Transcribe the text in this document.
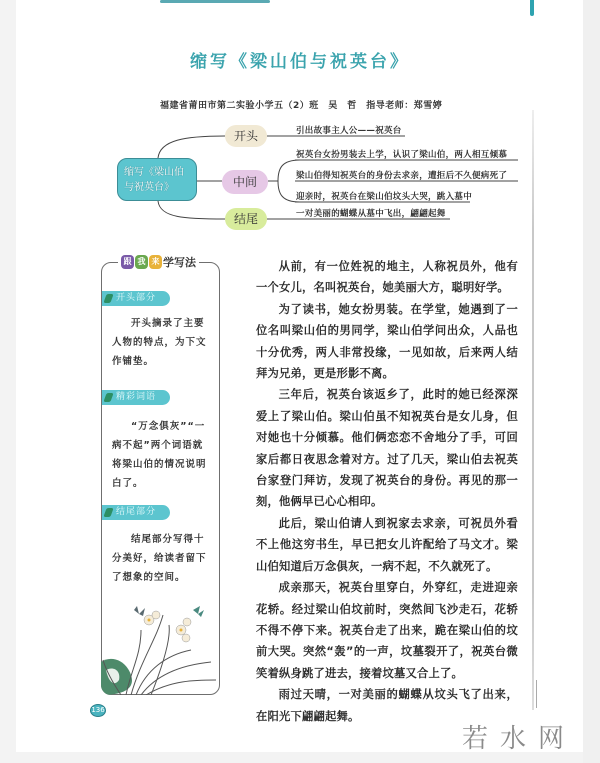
缩写《梁山伯与祝英台》
福建省莆田市第二实验小学五（2）班　吴　哲　指导老师：郑雪婷
缩写《梁山伯与祝英台》
开头
中间
结尾
引出故事主人公——祝英台
祝英台女扮男装去上学，认识了梁山伯，两人相互倾慕
梁山伯得知祝英台的身份去求亲，遭拒后不久便病死了
迎亲时，祝英台在梁山伯坟头大哭，跳入墓中
一对美丽的蝴蝶从墓中飞出，翩翩起舞
跟 我 来 学写法
开头部分
开头摘录了主要人物的特点，为下文作铺垫。
精彩词语
“万念俱灰”“一病不起”两个词语就将梁山伯的情况说明白了。
结尾部分
结尾部分写得十分美好，给读者留下了想象的空间。
136
若水网

从前，有一位姓祝的地主，人称祝员外，他有一个女儿，名叫祝英台，她美丽大方，聪明好学。

为了读书，她女扮男装。在学堂，她遇到了一位名叫梁山伯的男同学，梁山伯学问出众，人品也十分优秀，两人非常投缘，一见如故，后来两人结拜为兄弟，更是形影不离。

三年后，祝英台该返乡了，此时的她已经深深爱上了梁山伯。梁山伯虽不知祝英台是女儿身，但对她也十分倾慕。他们俩恋恋不舍地分了手，可回家后都日夜思念着对方。过了几天，梁山伯去祝英台家登门拜访，发现了祝英台的身份。再见的那一刻，他俩早已心心相印。

此后，梁山伯请人到祝家去求亲，可祝员外看不上他这穷书生，早已把女儿许配给了马文才。梁山伯知道后万念俱灰，一病不起，不久就死了。

成亲那天，祝英台里穿白，外穿红，走进迎亲花轿。经过梁山伯坟前时，突然间飞沙走石，花轿不得不停下来。祝英台走了出来，跪在梁山伯的坟前大哭。突然“轰”的一声，坟墓裂开了，祝英台微笑着纵身跳了进去，接着坟墓又合上了。

雨过天晴，一对美丽的蝴蝶从坟头飞了出来，在阳光下翩翩起舞。
